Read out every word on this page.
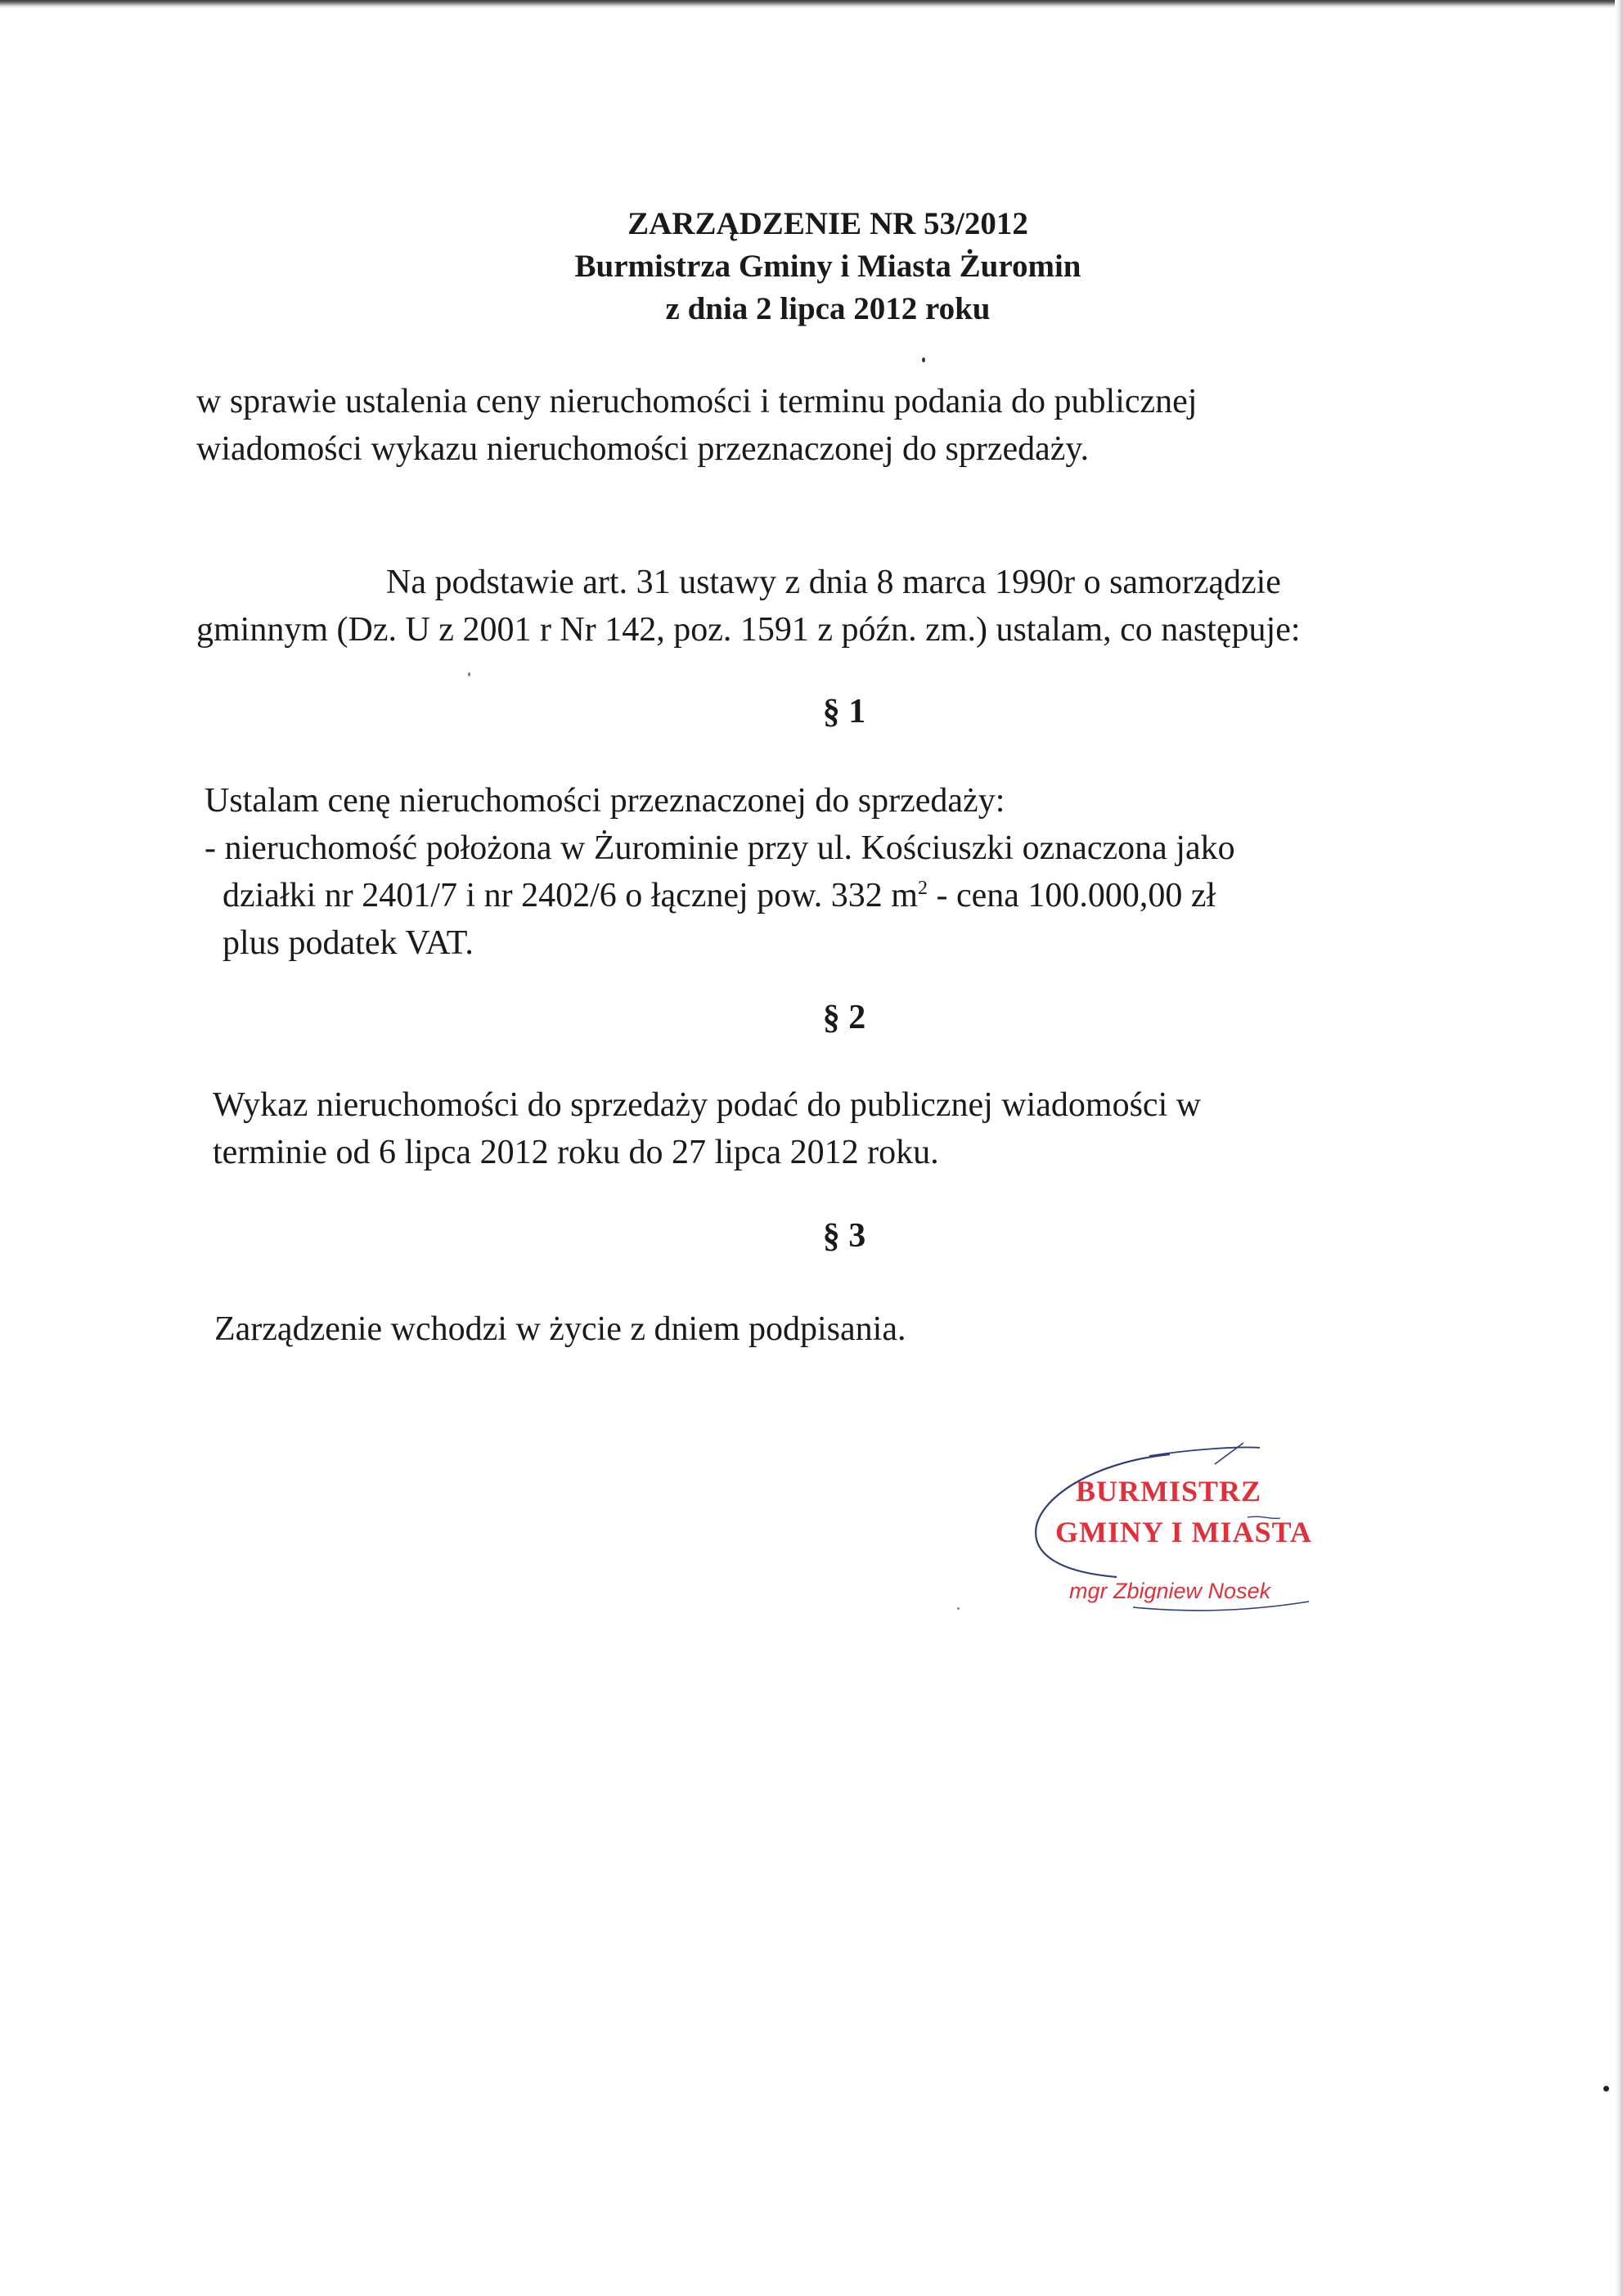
ZARZĄDZENIE NR 53/2012
Burmistrza Gminy i Miasta Żuromin
z dnia 2 lipca 2012 roku
w sprawie ustalenia ceny nieruchomości i terminu podania do publicznej
wiadomości wykazu nieruchomości przeznaczonej do sprzedaży.
Na podstawie art. 31 ustawy z dnia 8 marca 1990r o samorządzie
gminnym (Dz. U z 2001 r Nr 142, poz. 1591 z późn. zm.) ustalam, co następuje:
§ 1
Ustalam cenę nieruchomości przeznaczonej do sprzedaży:
- nieruchomość położona w Żurominie przy ul. Kościuszki oznaczona jako
działki nr 2401/7 i nr 2402/6 o łącznej pow. 332 $m^2$ - cena 100.000,00 zł
plus podatek VAT.
§ 2
Wykaz nieruchomości do sprzedaży podać do publicznej wiadomości w
terminie od 6 lipca 2012 roku do 27 lipca 2012 roku.
§ 3
Zarządzenie wchodzi w życie z dniem podpisania.
BURMISTRZ
GMINY I MIASTA
mgr Zbigniew Nosek
